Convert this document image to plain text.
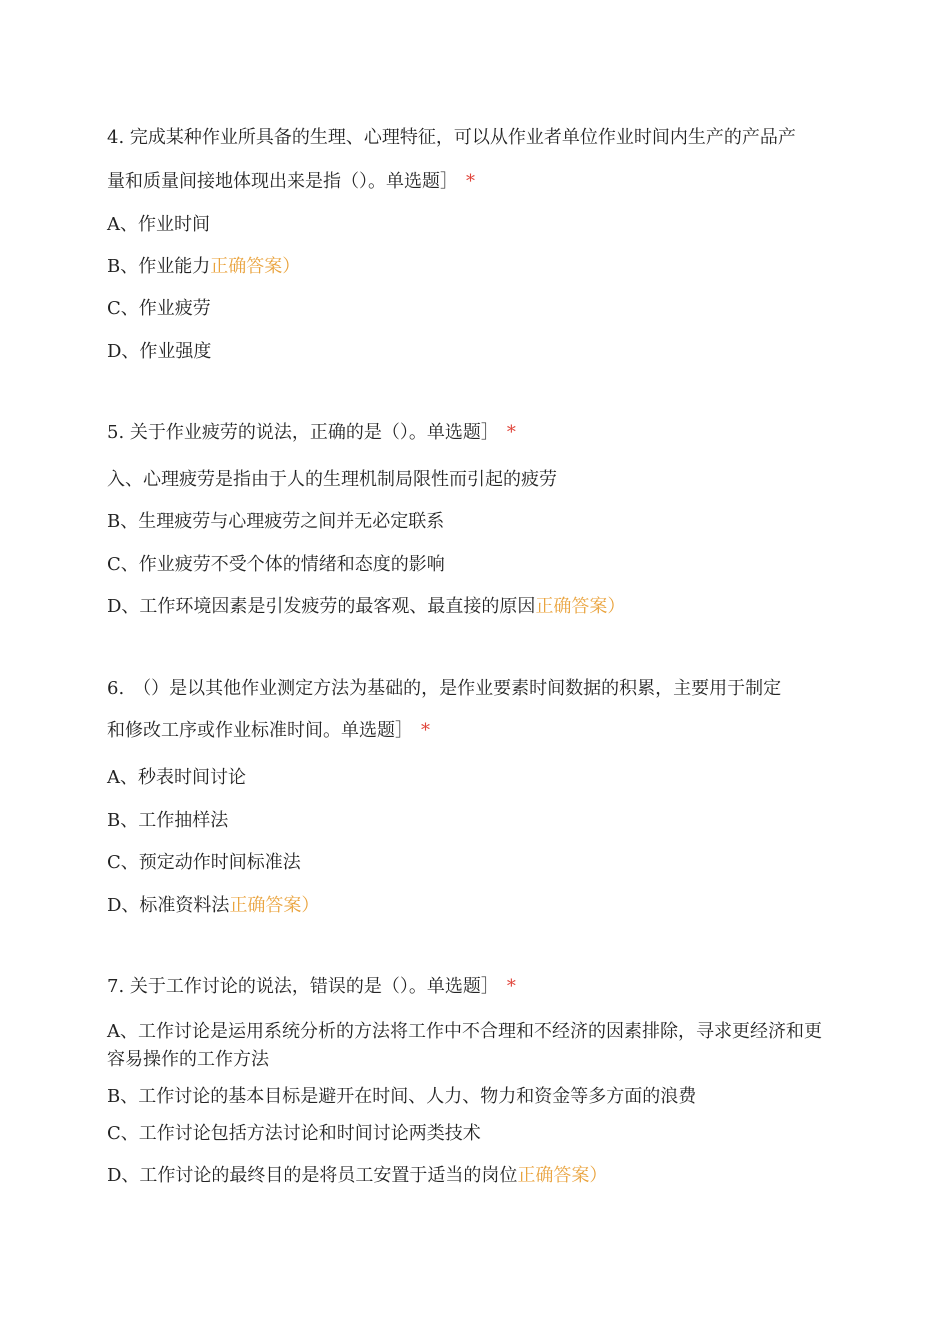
4. 完成某种作业所具备的生理、心理特征，可以从作业者单位作业时间内生产的产品产
量和质量间接地体现出来是指（）。单选题］ *
A、作业时间
B、作业能力正确答案）
C、作业疲劳
D、作业强度
5. 关于作业疲劳的说法，正确的是（）。单选题］ *
入、心理疲劳是指由于人的生理机制局限性而引起的疲劳
B、生理疲劳与心理疲劳之间并无必定联系
C、作业疲劳不受个体的情绪和态度的影响
D、工作环境因素是引发疲劳的最客观、最直接的原因正确答案）
6.　（）是以其他作业测定方法为基础的，是作业要素时间数据的积累，主要用于制定
和修改工序或作业标准时间。单选题］ *
A、秒表时间讨论
B、工作抽样法
C、预定动作时间标准法
D、标准资料法正确答案）
7. 关于工作讨论的说法，错误的是（）。单选题］ *
A、工作讨论是运用系统分析的方法将工作中不合理和不经济的因素排除，寻求更经济和更容易操作的工作方法
B、工作讨论的基本目标是避开在时间、人力、物力和资金等多方面的浪费
C、工作讨论包括方法讨论和时间讨论两类技术
D、工作讨论的最终目的是将员工安置于适当的岗位正确答案）
